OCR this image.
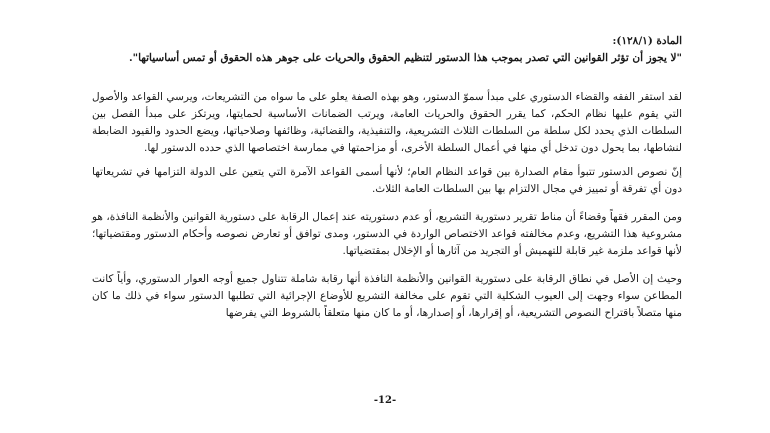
المادة (١٢٨/١):

"لا يجوز أن تؤثر القوانين التي تصدر بموجب هذا الدستور لتنظيم الحقوق والحريات على جوهر هذه الحقوق أو تمس أساسياتها".

لقد استقر الفقه والقضاء الدستوري على مبدأ سموّ الدستور، وهو بهذه الصفة يعلو على ما سواه من التشريعات، ويرسي القواعد والأصول التي يقوم عليها نظام الحكم، كما يقرر الحقوق والحريات العامة، ويرتب الضمانات الأساسية لحمايتها، ويرتكز على مبدأ الفصل بين السلطات الذي يحدد لكل سلطة من السلطات الثلاث التشريعية، والتنفيذية، والقضائية، وظائفها وصلاحياتها، ويضع الحدود والقيود الضابطة لنشاطها، بما يحول دون تدخل أي منها في أعمال السلطة الأخرى، أو مزاحمتها في ممارسة اختصاصها الذي حدده الدستور لها.

إنّ نصوص الدستور تتبوأ مقام الصدارة بين قواعد النظام العام؛ لأنها أسمى القواعد الآمرة التي يتعين على الدولة التزامها في تشريعاتها دون أي تفرقة أو تمييز في مجال الالتزام بها بين السلطات العامة الثلاث.

ومن المقرر فقهاً وقضاءً أن مناط تقرير دستورية التشريع، أو عدم دستوريته عند إعمال الرقابة على دستورية القوانين والأنظمة النافذة، هو مشروعية هذا التشريع، وعدم مخالفته قواعد الاختصاص الواردة في الدستور، ومدى توافق أو تعارض نصوصه وأحكام الدستور ومقتضياتها؛ لأنها قواعد ملزمة غير قابلة للتهميش أو التجريد من آثارها أو الإخلال بمقتضياتها.

وحيث إن الأصل في نطاق الرقابة على دستورية القوانين والأنظمة النافذة أنها رقابة شاملة تتناول جميع أوجه العوار الدستوري، وأياً كانت المطاعن سواء وجهت إلى العيوب الشكلية التي تقوم على مخالفة التشريع للأوضاع الإجرائية التي تطلبها الدستور سواء في ذلك ما كان منها متصلاً باقتراح النصوص التشريعية، أو إقرارها، أو إصدارها، أو ما كان منها متعلقاً بالشروط التي يفرضها

-12-
